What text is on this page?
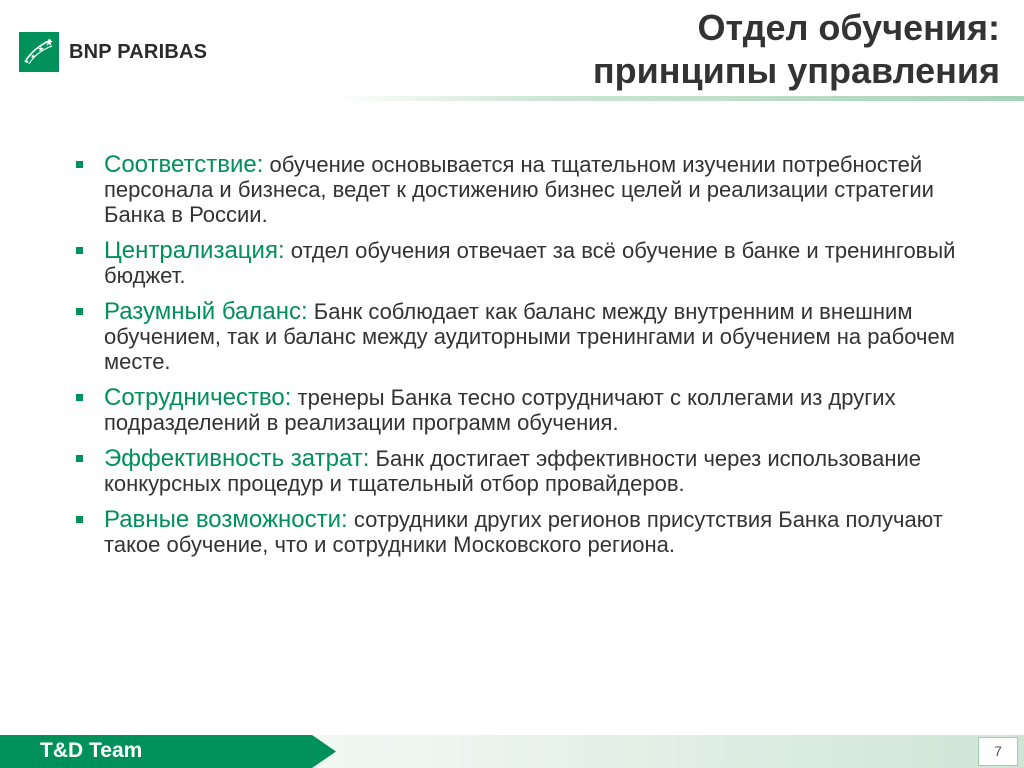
BNP PARIBAS
Отдел обучения:
принципы управления
Соответствие: обучение основывается на тщательном изучении потребностей персонала и бизнеса, ведет к достижению бизнес целей и реализации стратегии Банка в России.
Централизация: отдел обучения отвечает за всё обучение в банке и тренинговый бюджет.
Разумный баланс: Банк соблюдает как баланс между внутренним и внешним обучением, так и баланс между аудиторными тренингами и обучением на рабочем месте.
Сотрудничество: тренеры Банка тесно сотрудничают с коллегами из других подразделений в реализации программ обучения.
Эффективность затрат: Банк достигает эффективности через использование конкурсных процедур и тщательный отбор провайдеров.
Равные возможности: сотрудники других регионов присутствия Банка получают такое обучение, что и сотрудники Московского региона.
T&D Team	7
